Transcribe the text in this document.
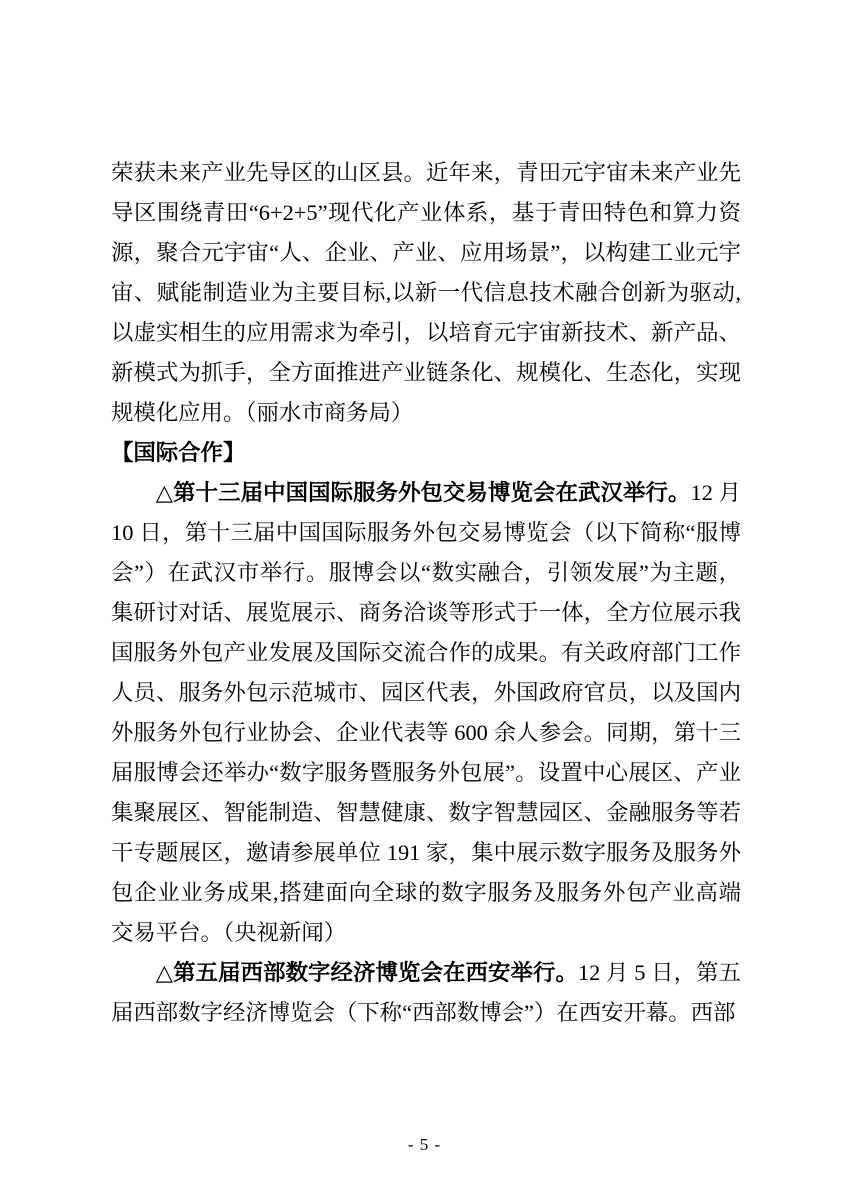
荣获未来产业先导区的山区县。近年来，青田元宇宙未来产业先导区围绕青田“6+2+5”现代化产业体系，基于青田特色和算力资源，聚合元宇宙“人、企业、产业、应用场景”，以构建工业元宇宙、赋能制造业为主要目标,以新一代信息技术融合创新为驱动,以虚实相生的应用需求为牵引，以培育元宇宙新技术、新产品、新模式为抓手，全方面推进产业链条化、规模化、生态化，实现规模化应用。（丽水市商务局）

【国际合作】

△第十三届中国国际服务外包交易博览会在武汉举行。12 月 10 日，第十三届中国国际服务外包交易博览会（以下简称“服博会”）在武汉市举行。服博会以“数实融合，引领发展”为主题，集研讨对话、展览展示、商务洽谈等形式于一体，全方位展示我国服务外包产业发展及国际交流合作的成果。有关政府部门工作人员、服务外包示范城市、园区代表，外国政府官员，以及国内外服务外包行业协会、企业代表等 600 余人参会。同期，第十三届服博会还举办“数字服务暨服务外包展”。设置中心展区、产业集聚展区、智能制造、智慧健康、数字智慧园区、金融服务等若干专题展区，邀请参展单位 191 家，集中展示数字服务及服务外包企业业务成果,搭建面向全球的数字服务及服务外包产业高端交易平台。（央视新闻）

△第五届西部数字经济博览会在西安举行。12 月 5 日，第五届西部数字经济博览会（下称“西部数博会”）在西安开幕。西部

- 5 -
